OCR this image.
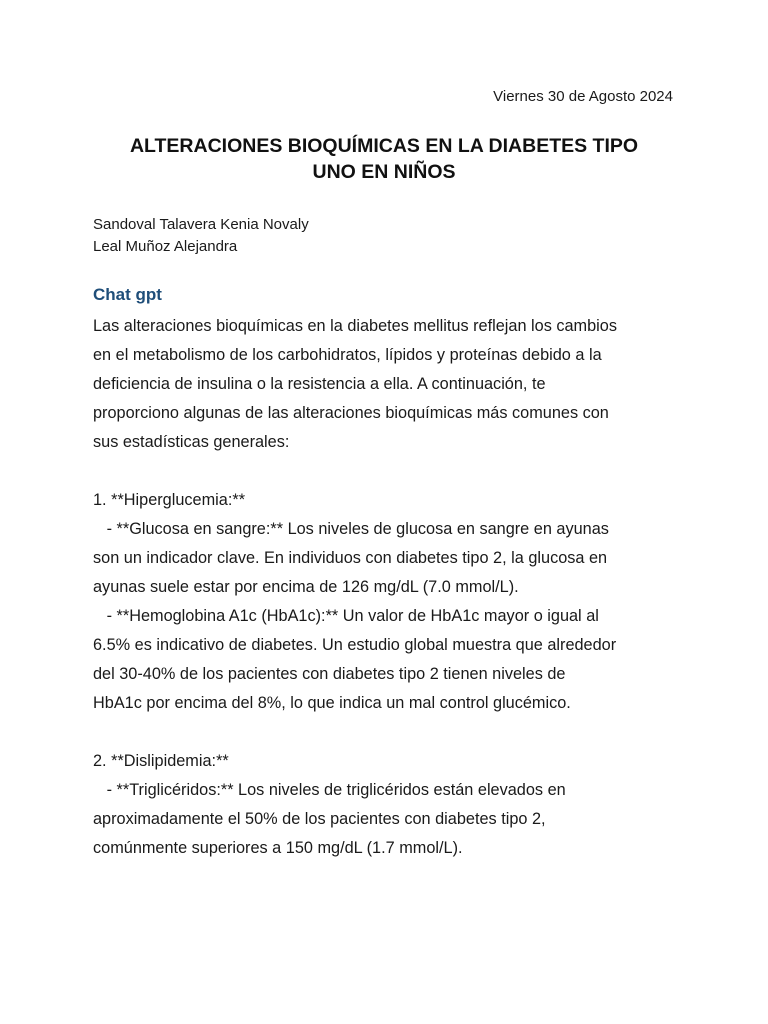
Viernes 30 de Agosto 2024
ALTERACIONES BIOQUÍMICAS EN LA DIABETES TIPO
UNO EN NIÑOS
Sandoval Talavera Kenia Novaly
Leal Muñoz Alejandra
Chat gpt

Las alteraciones bioquímicas en la diabetes mellitus reflejan los cambios

en el metabolismo de los carbohidratos, lípidos y proteínas debido a la

deficiencia de insulina o la resistencia a ella. A continuación, te

proporciono algunas de las alteraciones bioquímicas más comunes con

sus estadísticas generales:

1. **Hiperglucemia:**

- **Glucosa en sangre:** Los niveles de glucosa en sangre en ayunas

son un indicador clave. En individuos con diabetes tipo 2, la glucosa en

ayunas suele estar por encima de 126 mg/dL (7.0 mmol/L).

- **Hemoglobina A1c (HbA1c):** Un valor de HbA1c mayor o igual al

6.5% es indicativo de diabetes. Un estudio global muestra que alrededor

del 30-40% de los pacientes con diabetes tipo 2 tienen niveles de

HbA1c por encima del 8%, lo que indica un mal control glucémico.

2. **Dislipidemia:**

- **Triglicéridos:** Los niveles de triglicéridos están elevados en

aproximadamente el 50% de los pacientes con diabetes tipo 2,

comúnmente superiores a 150 mg/dL (1.7 mmol/L).
